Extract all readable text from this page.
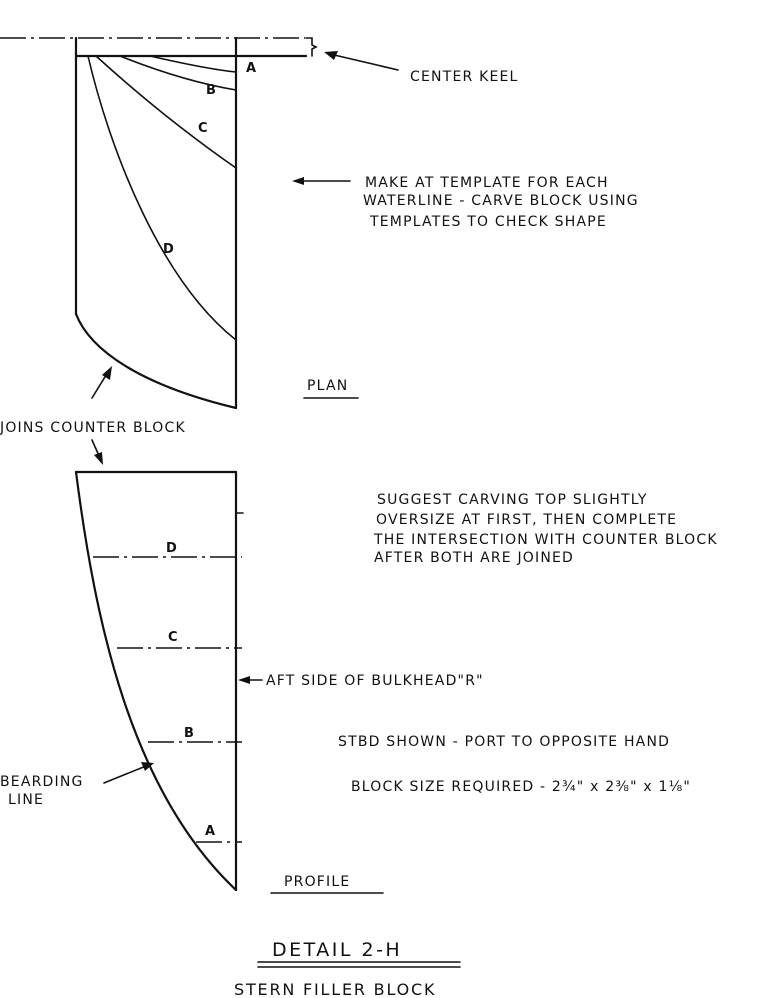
A
B
C
D
CENTER KEEL
MAKE AT TEMPLATE FOR EACH
WATERLINE - CARVE BLOCK USING
TEMPLATES TO CHECK SHAPE
PLAN
JOINS COUNTER BLOCK
D
C
B
A
AFT SIDE OF BULKHEAD"R"
BEARDING
LINE
PROFILE
SUGGEST CARVING TOP SLIGHTLY
OVERSIZE AT FIRST, THEN COMPLETE
THE INTERSECTION WITH COUNTER BLOCK
AFTER BOTH ARE JOINED
STBD SHOWN - PORT TO OPPOSITE HAND
BLOCK SIZE REQUIRED - 2¾" x 2⅜" x 1⅛"
DETAIL 2-H
STERN FILLER BLOCK
